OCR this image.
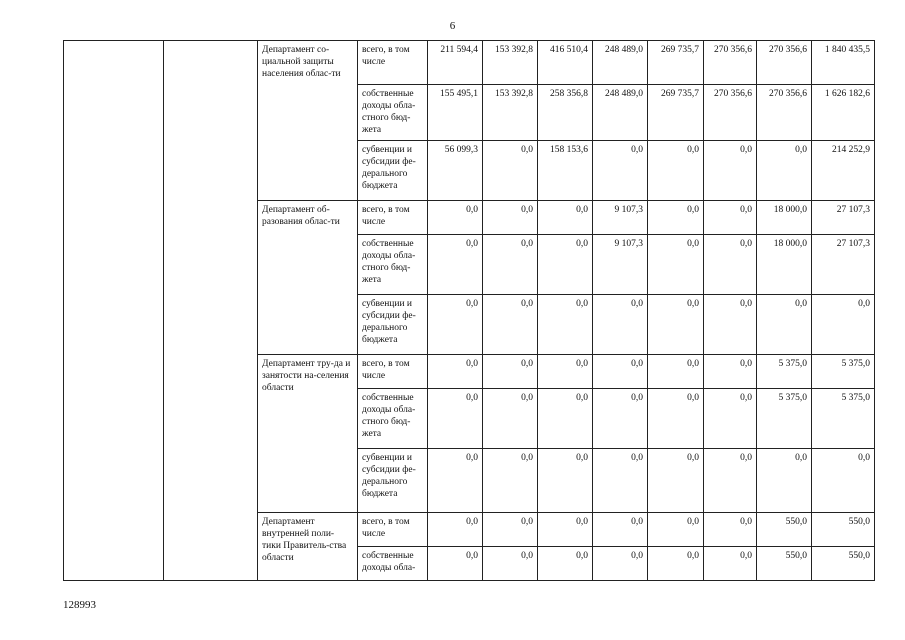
6
		Департамент со-циальной защиты населения облас-ти	всего, в том числе	211 594,4	153 392,8	416 510,4	248 489,0	269 735,7	270 356,6	270 356,6	1 840 435,5
			собственные доходы обла-стного бюд-жета	155 495,1	153 392,8	258 356,8	248 489,0	269 735,7	270 356,6	270 356,6	1 626 182,6
			субвенции и субсидии фе-дерального бюджета	56 099,3	0,0	158 153,6	0,0	0,0	0,0	0,0	214 252,9
		Департамент об-разования облас-ти	всего, в том числе	0,0	0,0	0,0	9 107,3	0,0	0,0	18 000,0	27 107,3
			собственные доходы обла-стного бюд-жета	0,0	0,0	0,0	9 107,3	0,0	0,0	18 000,0	27 107,3
			субвенции и субсидии фе-дерального бюджета	0,0	0,0	0,0	0,0	0,0	0,0	0,0	0,0
		Департамент тру-да и занятости на-селения области	всего, в том числе	0,0	0,0	0,0	0,0	0,0	0,0	5 375,0	5 375,0
			собственные доходы обла-стного бюд-жета	0,0	0,0	0,0	0,0	0,0	0,0	5 375,0	5 375,0
			субвенции и субсидии фе-дерального бюджета	0,0	0,0	0,0	0,0	0,0	0,0	0,0	0,0
		Департамент внутренней поли-тики Правитель-ства области	всего, в том числе	0,0	0,0	0,0	0,0	0,0	0,0	550,0	550,0
			собственные доходы обла-	0,0	0,0	0,0	0,0	0,0	0,0	550,0	550,0
128993
